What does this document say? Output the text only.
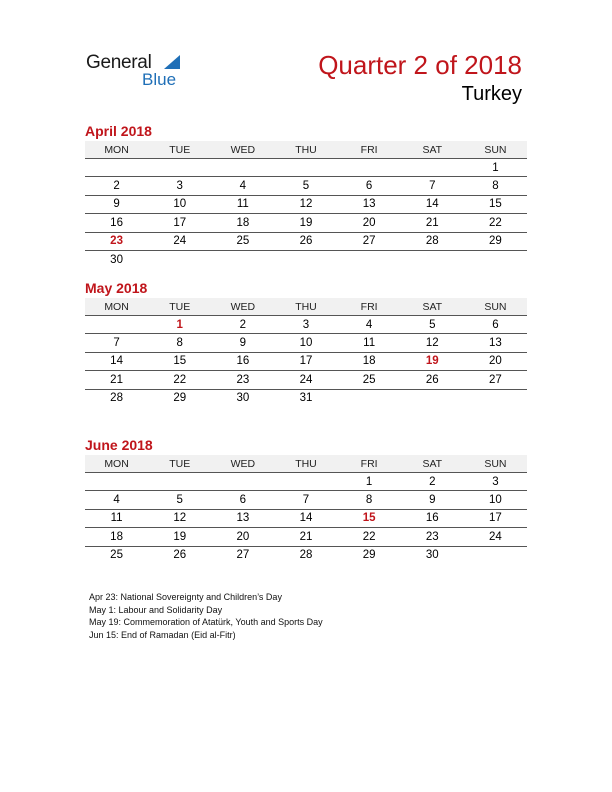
General
Blue	Quarter 2 of 2018
Turkey
April 2018
MON	TUE	WED	THU	FRI	SAT	SUN
						1
2	3	4	5	6	7	8
9	10	11	12	13	14	15
16	17	18	19	20	21	22
23	24	25	26	27	28	29
30						
May 2018
MON	TUE	WED	THU	FRI	SAT	SUN
	1	2	3	4	5	6
7	8	9	10	11	12	13
14	15	16	17	18	19	20
21	22	23	24	25	26	27
28	29	30	31			
June 2018
MON	TUE	WED	THU	FRI	SAT	SUN
				1	2	3
4	5	6	7	8	9	10
11	12	13	14	15	16	17
18	19	20	21	22	23	24
25	26	27	28	29	30	
Apr 23: National Sovereignty and Children’s Day
May 1: Labour and Solidarity Day
May 19: Commemoration of Atatürk, Youth and Sports Day
Jun 15: End of Ramadan (Eid al-Fitr)
